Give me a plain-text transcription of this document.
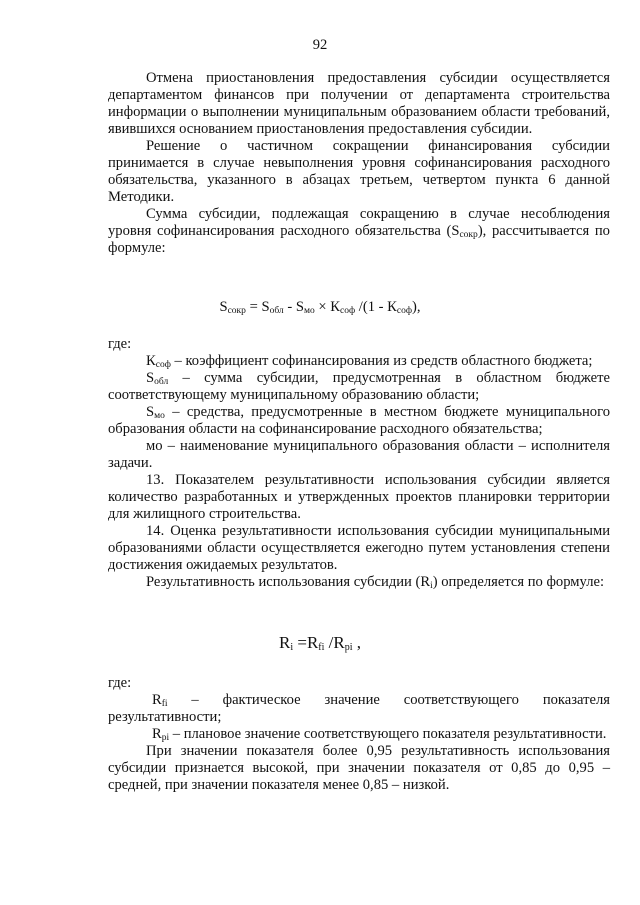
92

Отмена приостановления предоставления субсидии осуществляется департаментом финансов при получении от департамента строительства информации о выполнении муниципальным образованием области требований, явившихся основанием приостановления предоставления субсидии.

Решение о частичном сокращении финансирования субсидии принимается в случае невыполнения уровня софинансирования расходного обязательства, указанного в абзацах третьем, четвертом пункта 6 данной Методики.

Сумма субсидии, подлежащая сокращению в случае несоблюдения уровня софинансирования расходного обязательства $(S_{сокр})$, рассчитывается по формуле:

$S_{сокр} = S_{обл} - S_{мо} \times К_{соф}$ $/(1 - К_{соф})$,

где:

$К_{соф}$ – коэффициент софинансирования из средств областного бюджета;

$S_{обл}$ – сумма субсидии, предусмотренная в областном бюджете соответствующему муниципальному образованию области;

$S_{мо}$ – средства, предусмотренные в местном бюджете муниципального образования области на софинансирование расходного обязательства;

мо – наименование муниципального образования области – исполнителя задачи.

13. Показателем результативности использования субсидии является количество разработанных и утвержденных проектов планировки территории для жилищного строительства.

14. Оценка результативности использования субсидии муниципальными образованиями области осуществляется ежегодно путем установления степени достижения ожидаемых результатов.

Результативность использования субсидии $(R_i)$ определяется по формуле:

$R_i =R_{fi}$ $/R_{pi}$ ,

где:

$R_{fi}$ – фактическое значение соответствующего показателя результативности;

$R_{pi}$ – плановое значение соответствующего показателя результативности.

При значении показателя более 0,95 результативность использования субсидии признается высокой, при значении показателя от 0,85 до 0,95 – средней, при значении показателя менее 0,85 – низкой.
